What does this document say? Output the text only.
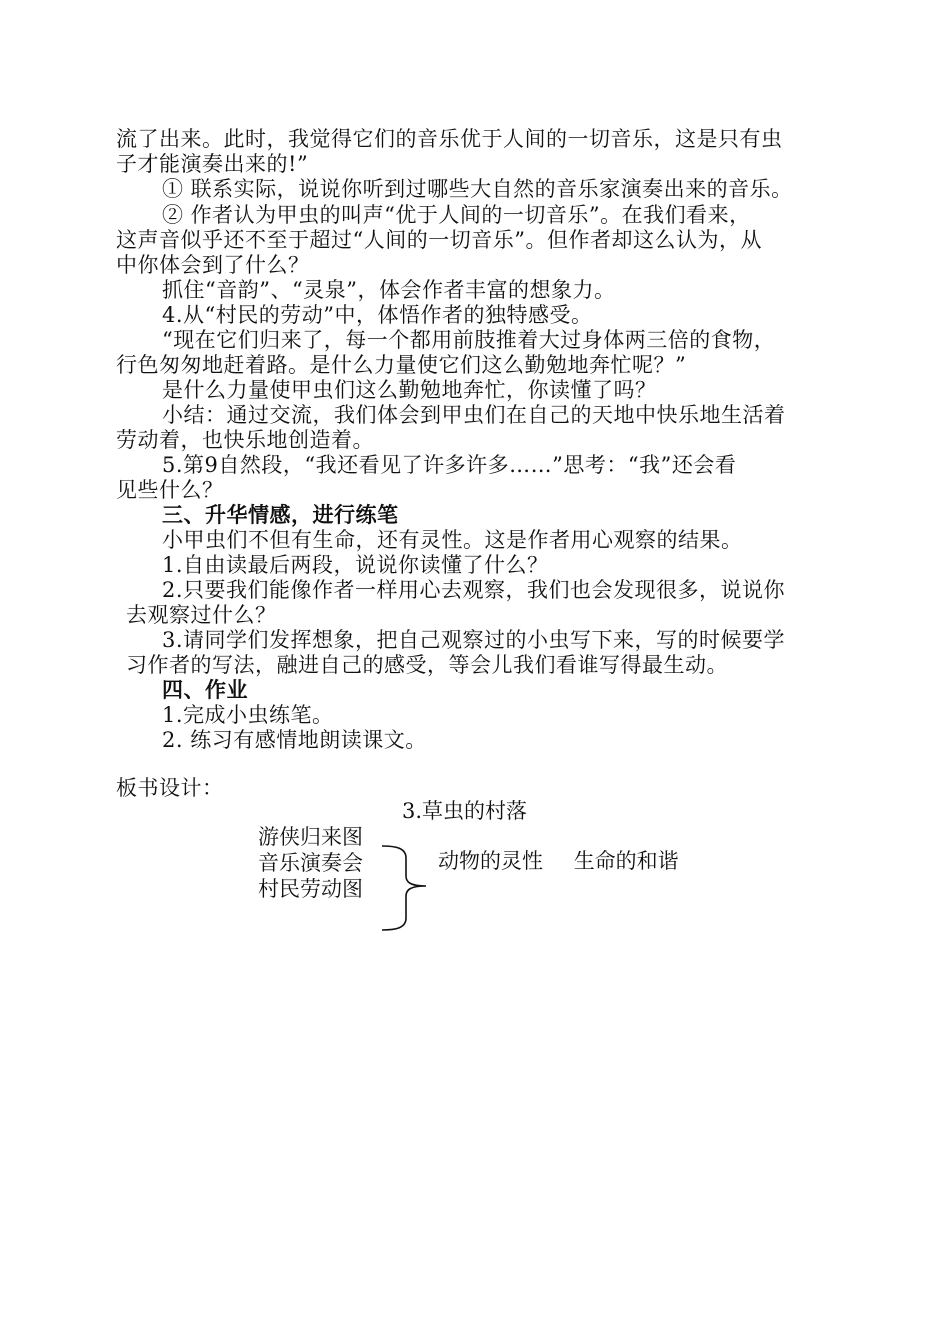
流了出来。此时，我觉得它们的音乐优于人间的一切音乐，这是只有虫
子才能演奏出来的!”
① 联系实际，说说你听到过哪些大自然的音乐家演奏出来的音乐。
② 作者认为甲虫的叫声“优于人间的一切音乐”。在我们看来，
这声音似乎还不至于超过“人间的一切音乐”。但作者却这么认为，从
中你体会到了什么？
抓住“音韵”、“灵泉”，体会作者丰富的想象力。
4.从“村民的劳动”中，体悟作者的独特感受。
“现在它们归来了，每一个都用前肢推着大过身体两三倍的食物，
行色匆匆地赶着路。是什么力量使它们这么勤勉地奔忙呢？”
是什么力量使甲虫们这么勤勉地奔忙，你读懂了吗？
小结：通过交流，我们体会到甲虫们在自己的天地中快乐地生活着
劳动着，也快乐地创造着。
5.第9自然段，“我还看见了许多许多……”思考：“我”还会看
见些什么？
三、升华情感，进行练笔
小甲虫们不但有生命，还有灵性。这是作者用心观察的结果。
1.自由读最后两段，说说你读懂了什么？
2.只要我们能像作者一样用心去观察，我们也会发现很多，说说你
去观察过什么？
3.请同学们发挥想象，把自己观察过的小虫写下来，写的时候要学
习作者的写法，融进自己的感受，等会儿我们看谁写得最生动。
四、作业
1.完成小虫练笔。
2. 练习有感情地朗读课文。
板书设计：
3.草虫的村落
游侠归来图
音乐演奏会
村民劳动图
动物的灵性 生命的和谐
